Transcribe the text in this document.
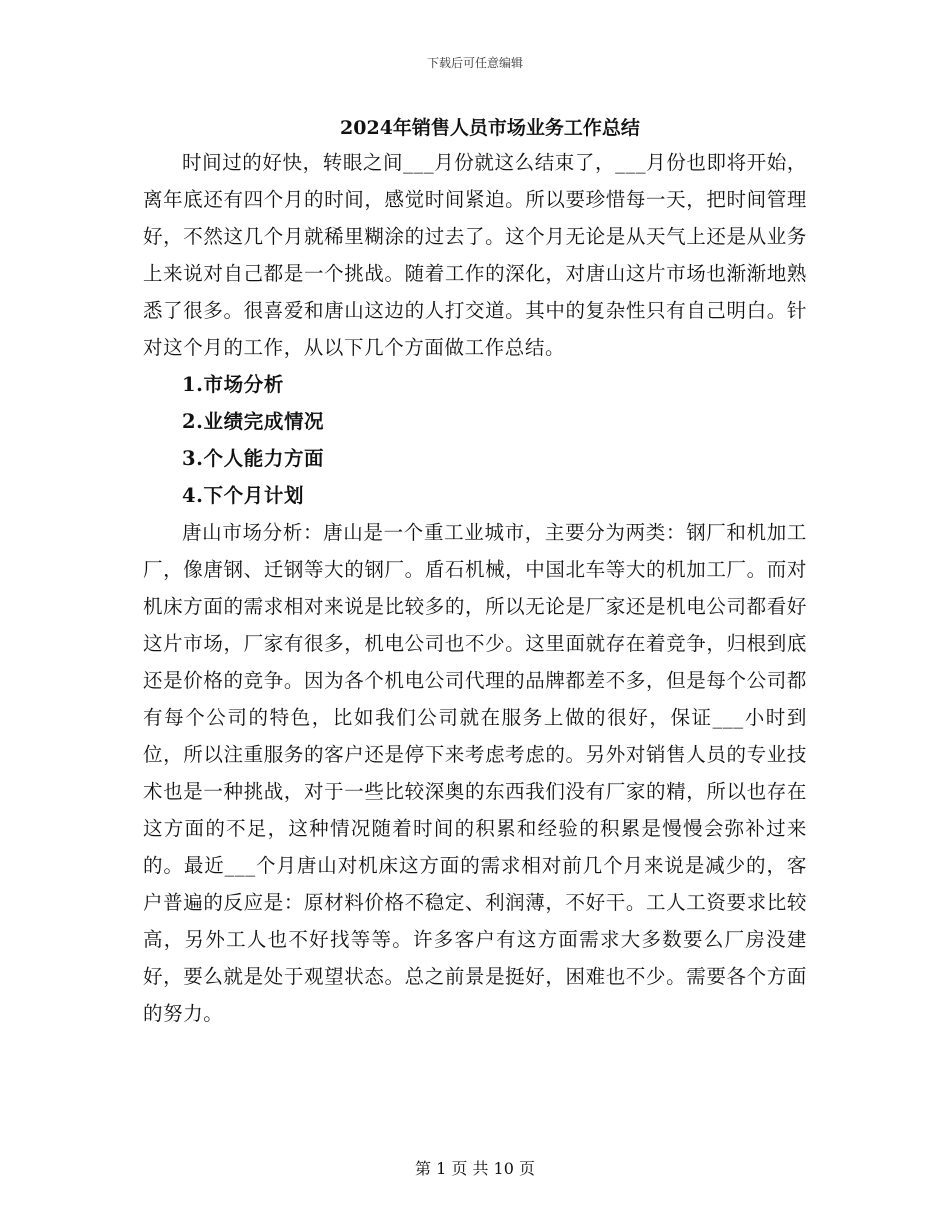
下载后可任意编辑
2024年销售人员市场业务工作总结

时间过的好快，转眼之间___月份就这么结束了，___月份也即将开始，离年底还有四个月的时间，感觉时间紧迫。所以要珍惜每一天，把时间管理好，不然这几个月就稀里糊涂的过去了。这个月无论是从天气上还是从业务上来说对自己都是一个挑战。随着工作的深化，对唐山这片市场也渐渐地熟悉了很多。很喜爱和唐山这边的人打交道。其中的复杂性只有自己明白。针对这个月的工作，从以下几个方面做工作总结。

1.市场分析
2.业绩完成情况
3.个人能力方面
4.下个月计划

唐山市场分析：唐山是一个重工业城市，主要分为两类：钢厂和机加工厂，像唐钢、迁钢等大的钢厂。盾石机械，中国北车等大的机加工厂。而对机床方面的需求相对来说是比较多的，所以无论是厂家还是机电公司都看好这片市场，厂家有很多，机电公司也不少。这里面就存在着竞争，归根到底还是价格的竞争。因为各个机电公司代理的品牌都差不多，但是每个公司都有每个公司的特色，比如我们公司就在服务上做的很好，保证___小时到位，所以注重服务的客户还是停下来考虑考虑的。另外对销售人员的专业技术也是一种挑战，对于一些比较深奥的东西我们没有厂家的精，所以也存在这方面的不足，这种情况随着时间的积累和经验的积累是慢慢会弥补过来的。最近___个月唐山对机床这方面的需求相对前几个月来说是减少的，客户普遍的反应是：原材料价格不稳定、利润薄，不好干。工人工资要求比较高，另外工人也不好找等等。许多客户有这方面需求大多数要么厂房没建好，要么就是处于观望状态。总之前景是挺好，困难也不少。需要各个方面的努力。

第 1 页 共 10 页
